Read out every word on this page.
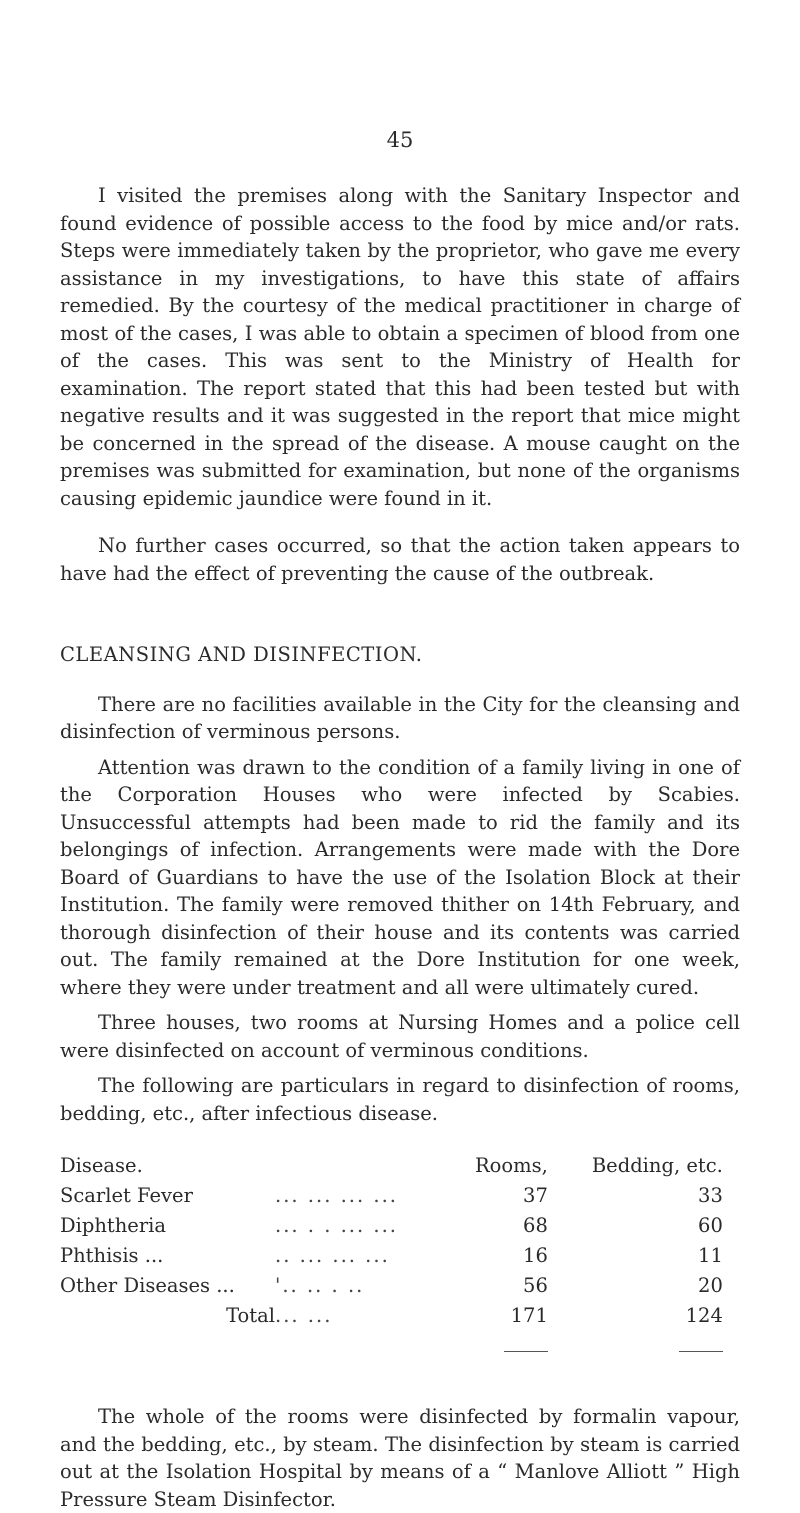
45

I visited the premises along with the Sanitary Inspector and found evidence of possible access to the food by mice and/or rats. Steps were immediately taken by the proprietor, who gave me every assistance in my investigations, to have this state of affairs remedied. By the courtesy of the medical practitioner in charge of most of the cases, I was able to obtain a specimen of blood from one of the cases. This was sent to the Ministry of Health for examination. The report stated that this had been tested but with negative results and it was suggested in the report that mice might be concerned in the spread of the disease. A mouse caught on the premises was submitted for examination, but none of the organisms causing epidemic jaundice were found in it.

No further cases occurred, so that the action taken appears to have had the effect of preventing the cause of the outbreak.

CLEANSING AND DISINFECTION.

There are no facilities available in the City for the cleansing and disinfection of verminous persons.

Attention was drawn to the condition of a family living in one of the Corporation Houses who were infected by Scabies. Unsuccessful attempts had been made to rid the family and its belongings of infection. Arrangements were made with the Dore Board of Guardians to have the use of the Isolation Block at their Institution. The family were removed thither on 14th February, and thorough disinfection of their house and its contents was carried out. The family remained at the Dore Institution for one week, where they were under treatment and all were ultimately cured.

Three houses, two rooms at Nursing Homes and a police cell were disinfected on account of verminous conditions.

The following are particulars in regard to disinfection of rooms, bedding, etc., after infectious disease.

Disease.		Rooms,	Bedding, etc.
Scarlet Fever	... ... ... ...	37	33
Diphtheria	... . . ... ...	68	60
Phthisis ...	.. ... ... ...	16	11
Other Diseases ...	'.. .. . ..	56	20
Total	... ...	171	124

The whole of the rooms were disinfected by formalin vapour, and the bedding, etc., by steam. The disinfection by steam is carried out at the Isolation Hospital by means of a “ Manlove Alliott ” High Pressure Steam Disinfector.
